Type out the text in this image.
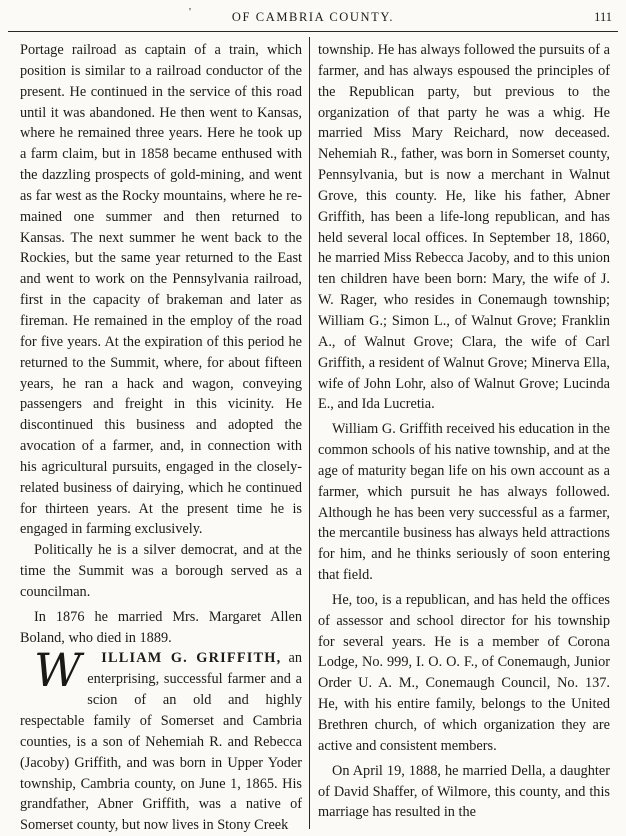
'	OF CAMBRIA COUNTY.	111

Portage railroad as captain of a train, which position is similar to a railroad conductor of the present. He continued in the service of this road until it was abandoned. He then went to Kansas, where he remained three years. Here he took up a farm claim, but in 1858 became enthused with the dazzling prospects of gold-mining, and went as far west as the Rocky mountains, where he remained one summer and then returned to Kansas. The next summer he went back to the Rockies, but the same year returned to the East and went to work on the Pennsylvania railroad, first in the capacity of brakeman and later as fireman. He remained in the employ of the road for five years. At the expiration of this period he returned to the Summit, where, for about fifteen years, he ran a hack and wagon, conveying passengers and freight in this vicinity. He discontinued this business and adopted the avocation of a farmer, and, in connection with his agricultural pursuits, engaged in the closely-related business of dairying, which he continued for thirteen years. At the present time he is engaged in farming exclusively.

Politically he is a silver democrat, and at the time the Summit was a borough served as a councilman.

In 1876 he married Mrs. Margaret Allen Boland, who died in 1889.

W	ILLIAM G. GRIFFITH, an enterprising, successful farmer and a scion of an old and highly respectable family of Somerset and Cambria counties, is a son of Nehemiah R. and Rebecca (Jacoby) Griffith, and was born in Upper Yoder township, Cambria county, on June 1, 1865. His grandfather, Abner Griffith, was a native of Somerset county, but now lives in Stony Creek

township. He has always followed the pursuits of a farmer, and has always espoused the principles of the Republican party, but previous to the organization of that party he was a whig. He married Miss Mary Reichard, now deceased. Nehemiah R., father, was born in Somerset county, Pennsylvania, but is now a merchant in Walnut Grove, this county. He, like his father, Abner Griffith, has been a life-long republican, and has held several local offices. In September 18, 1860, he married Miss Rebecca Jacoby, and to this union ten children have been born: Mary, the wife of J. W. Rager, who resides in Conemaugh township; William G.; Simon L., of Walnut Grove; Franklin A., of Walnut Grove; Clara, the wife of Carl Griffith, a resident of Walnut Grove; Minerva Ella, wife of John Lohr, also of Walnut Grove; Lucinda E., and Ida Lucretia.

William G. Griffith received his education in the common schools of his native township, and at the age of maturity began life on his own account as a farmer, which pursuit he has always followed. Although he has been very successful as a farmer, the mercantile business has always held attractions for him, and he thinks seriously of soon entering that field.

He, too, is a republican, and has held the offices of assessor and school director for his township for several years. He is a member of Corona Lodge, No. 999, I. O. O. F., of Conemaugh, Junior Order U. A. M., Conemaugh Council, No. 137. He, with his entire family, belongs to the United Brethren church, of which organization they are active and consistent members.

On April 19, 1888, he married Della, a daughter of David Shaffer, of Wilmore, this county, and this marriage has resulted in the
